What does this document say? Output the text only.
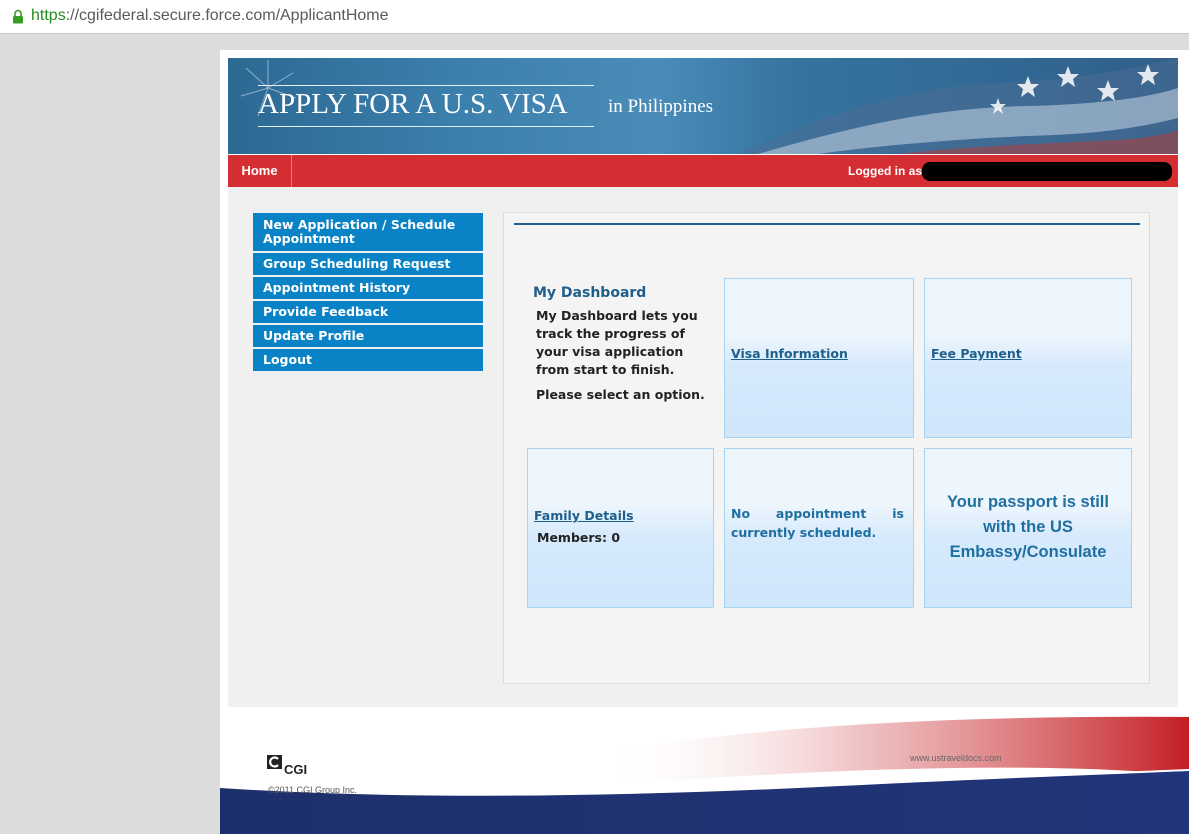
https://cgifederal.secure.force.com/ApplicantHome
APPLY FOR A U.S. VISA in Philippines
Home	Logged in as
New Application / Schedule Appointment
Group Scheduling Request
Appointment History
Provide Feedback
Update Profile
Logout
My Dashboard
My Dashboard lets you track the progress of your visa application from start to finish.
Please select an option.
Visa Information	Fee Payment
Family Details
Members: 0
No appointment is currently scheduled.
Your passport is still with the US Embassy/Consulate
CGI
©2011 CGI Group Inc.
www.ustraveldocs.com
